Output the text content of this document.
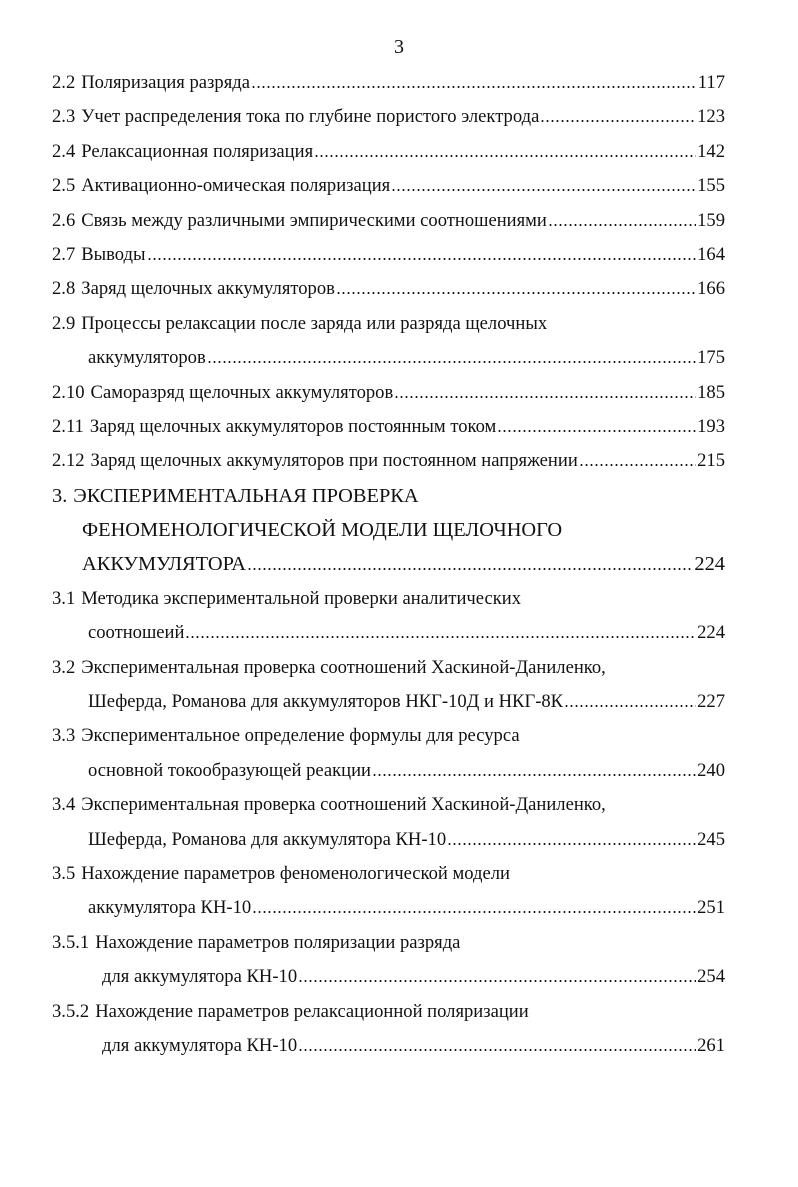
3
2.2 Поляризация разряда	117
2.3 Учет распределения тока по глубине пористого электрода	123
2.4 Релаксационная поляризация	142
2.5 Активационно-омическая поляризация	155
2.6 Связь между различными эмпирическими соотношениями	159
2.7 Выводы	164
2.8 Заряд щелочных аккумуляторов	166
2.9 Процессы релаксации после заряда или разряда щелочных
аккумуляторов	175
2.10 Саморазряд щелочных аккумуляторов	185
2.11 Заряд щелочных аккумуляторов постоянным током	193
2.12 Заряд щелочных аккумуляторов при постоянном напряжении	215
3. ЭКСПЕРИМЕНТАЛЬНАЯ ПРОВЕРКА
ФЕНОМЕНОЛОГИЧЕСКОЙ МОДЕЛИ ЩЕЛОЧНОГО
АККУМУЛЯТОРА	224
3.1 Методика экспериментальной проверки аналитических
соотношеий	224
3.2 Экспериментальная проверка соотношений Хаскиной-Даниленко,
Шеферда, Романова для аккумуляторов НКГ-10Д и НКГ-8К	227
3.3 Экспериментальное определение формулы для ресурса
основной токообразующей реакции	240
3.4 Экспериментальная проверка соотношений Хаскиной-Даниленко,
Шеферда, Романова для аккумулятора КН-10	245
3.5 Нахождение параметров феноменологической модели
аккумулятора КН-10	251
3.5.1 Нахождение параметров поляризации разряда
для аккумулятора КН-10	254
3.5.2 Нахождение параметров релаксационной поляризации
для аккумулятора КН-10	261
